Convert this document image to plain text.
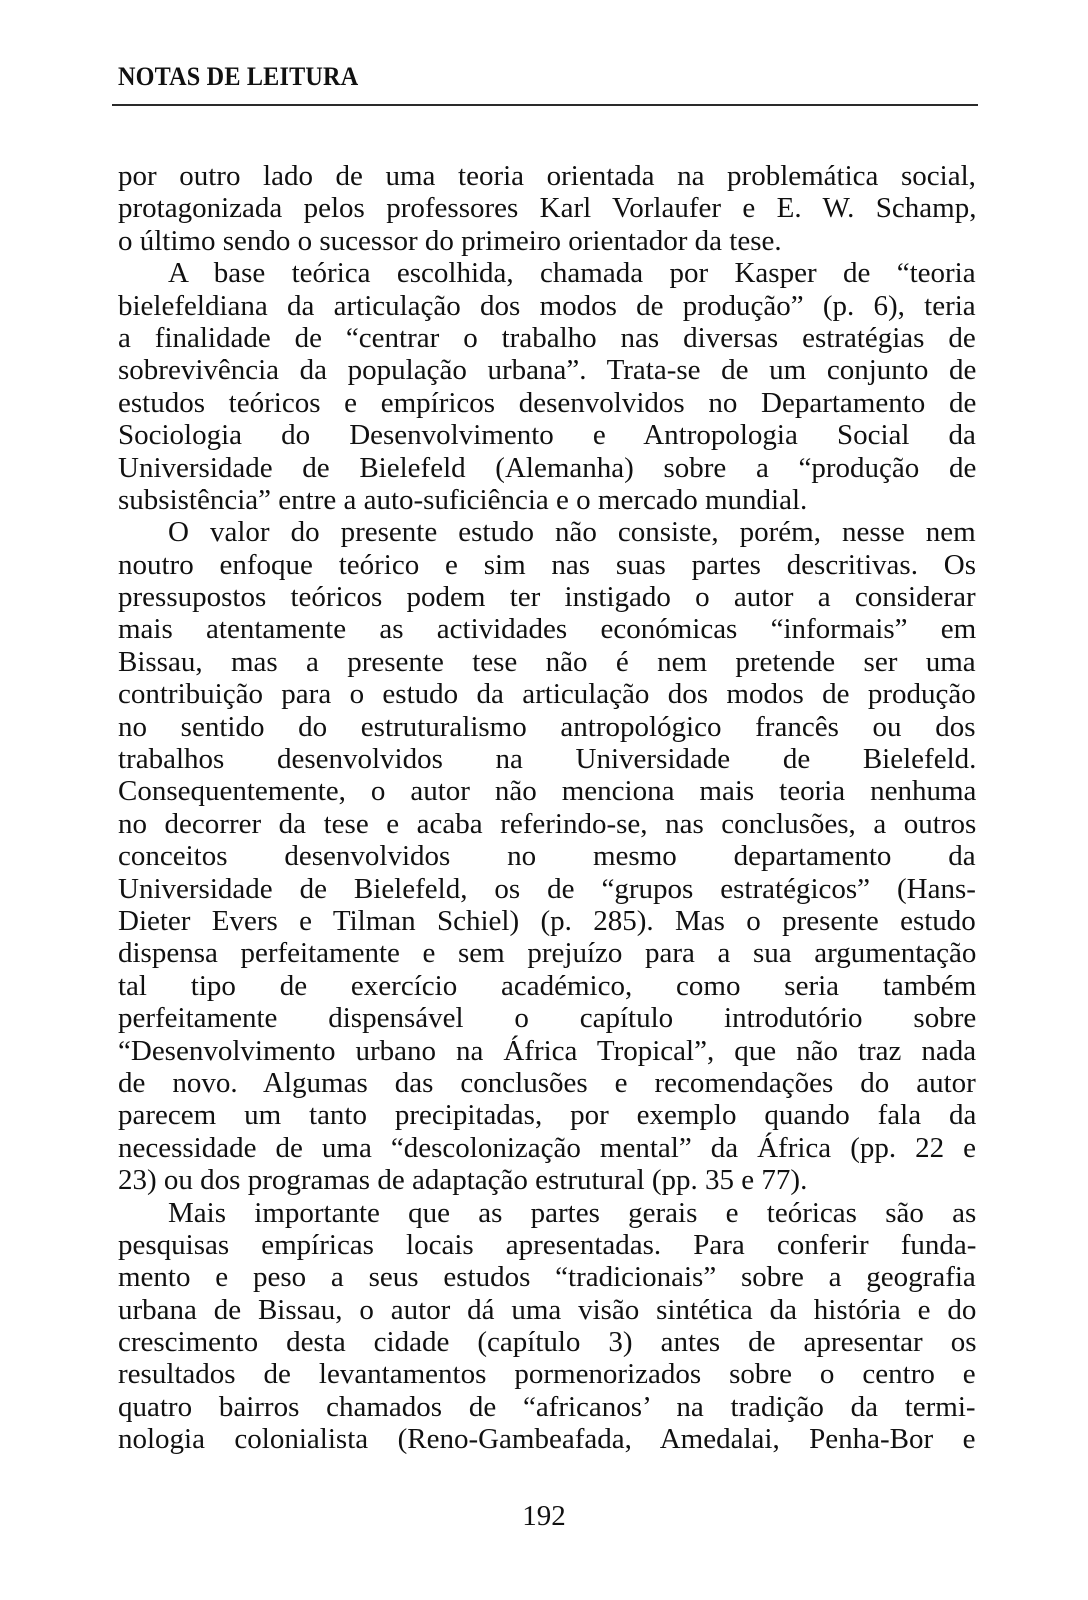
NOTAS DE LEITURA
por outro lado de uma teoria orientada na problemática social,
protagonizada pelos professores Karl Vorlaufer e E. W. Schamp,
o último sendo o sucessor do primeiro orientador da tese.
A base teórica escolhida, chamada por Kasper de “teoria
bielefeldiana da articulação dos modos de produção” (p. 6), teria
a finalidade de “centrar o trabalho nas diversas estratégias de
sobrevivência da população urbana”. Trata-se de um conjunto de
estudos teóricos e empíricos desenvolvidos no Departamento de
Sociologia do Desenvolvimento e Antropologia Social da
Universidade de Bielefeld (Alemanha) sobre a “produção de
subsistência” entre a auto-suficiência e o mercado mundial.
O valor do presente estudo não consiste, porém, nesse nem
noutro enfoque teórico e sim nas suas partes descritivas. Os
pressupostos teóricos podem ter instigado o autor a considerar
mais atentamente as actividades económicas “informais” em
Bissau, mas a presente tese não é nem pretende ser uma
contribuição para o estudo da articulação dos modos de produção
no sentido do estruturalismo antropológico francês ou dos
trabalhos desenvolvidos na Universidade de Bielefeld.
Consequentemente, o autor não menciona mais teoria nenhuma
no decorrer da tese e acaba referindo-se, nas conclusões, a outros
conceitos desenvolvidos no mesmo departamento da
Universidade de Bielefeld, os de “grupos estratégicos” (Hans-
Dieter Evers e Tilman Schiel) (p. 285). Mas o presente estudo
dispensa perfeitamente e sem prejuízo para a sua argumentação
tal tipo de exercício académico, como seria também
perfeitamente dispensável o capítulo introdutório sobre
“Desenvolvimento urbano na África Tropical”, que não traz nada
de novo. Algumas das conclusões e recomendações do autor
parecem um tanto precipitadas, por exemplo quando fala da
necessidade de uma “descolonização mental” da África (pp. 22 e
23) ou dos programas de adaptação estrutural (pp. 35 e 77).
Mais importante que as partes gerais e teóricas são as
pesquisas empíricas locais apresentadas. Para conferir funda-
mento e peso a seus estudos “tradicionais” sobre a geografia
urbana de Bissau, o autor dá uma visão sintética da história e do
crescimento desta cidade (capítulo 3) antes de apresentar os
resultados de levantamentos pormenorizados sobre o centro e
quatro bairros chamados de “africanos’ na tradição da termi-
nologia colonialista (Reno-Gambeafada, Amedalai, Penha-Bor e
192
